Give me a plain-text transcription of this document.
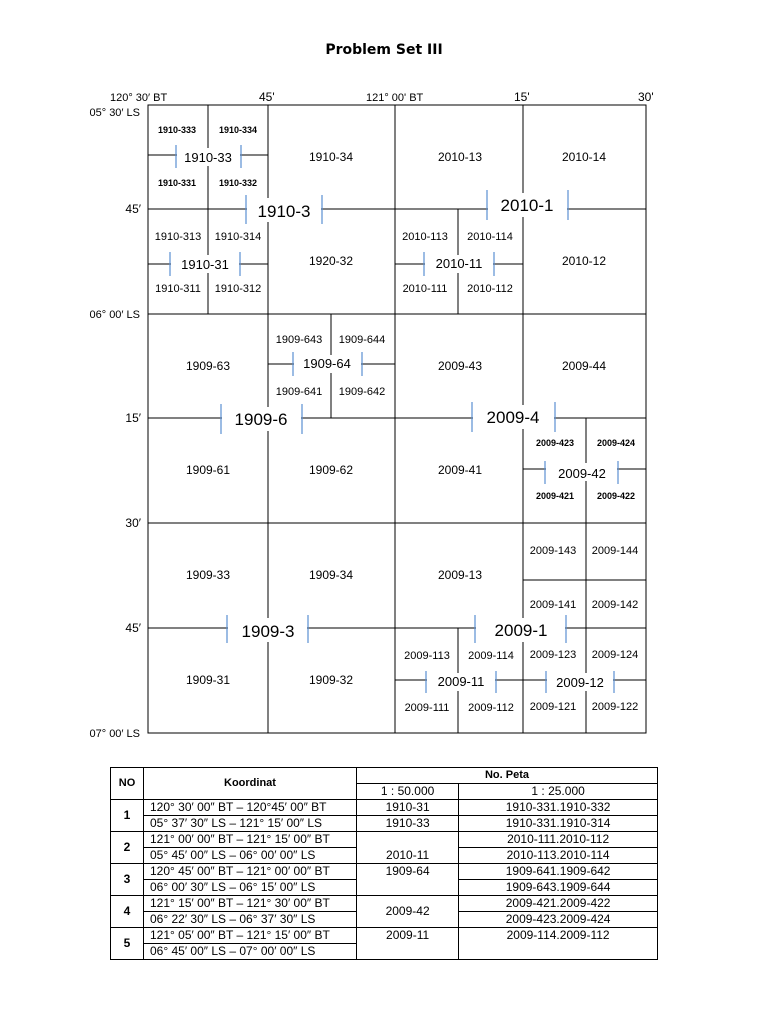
Problem Set III
120° 30′ BT	45'	121° 00' BT	15'	30'
05° 30′ LS
45′
06° 00′ LS
15′
30′
45′
07° 00′ LS
1910-3	2010-1
1909-6	2009-4
1909-3	2009-1
1910-33
1910-31	2010-11
1909-64
2009-42
2009-11	2009-12
1910-34
1920-32
2010-13	2010-14
2010-12
1909-63
1909-61	1909-62
2009-43	2009-44
2009-41
1909-33	1909-34
1909-31	1909-32
2009-13
1910-333	1910-334
1910-331	1910-332
2009-423	2009-424
2009-421	2009-422
1910-313 1910-314
1910-311 1910-312
2010-113 2010-114
2010-111 2010-112
1909-643 1909-644
1909-641 1909-642
2009-143 2009-144
2009-141 2009-142
2009-113 2009-114
2009-111 2009-112
2009-123 2009-124
2009-121 2009-122
NO	Koordinat	No. Peta	
		1 : 50.000	1 : 25.000
1	120° 30′ 00″ BT – 120°45′ 00″ BT	1910-31	1910-331.1910-332
	05° 37′ 30″ LS – 121° 15′ 00″ LS	1910-33	1910-331.1910-314
2	121° 00′ 00″ BT – 121° 15′ 00″ BT	2010-11	2010-111.2010-112
	05° 45′ 00″ LS – 06° 00′ 00″ LS		2010-113.2010-114
3	120° 45′ 00″ BT – 121° 00′ 00″ BT	1909-64	1909-641.1909-642
	06° 00′ 30″ LS – 06° 15′ 00″ LS		1909-643.1909-644
4	121° 15′ 00″ BT – 121° 30′ 00″ BT	2009-42	2009-421.2009-422
	06° 22′ 30″ LS – 06° 37′ 30″ LS		2009-423.2009-424
5	121° 05′ 00″ BT – 121° 15′ 00″ BT	2009-11	2009-114.2009-112
	06° 45′ 00″ LS – 07° 00′ 00″ LS		
